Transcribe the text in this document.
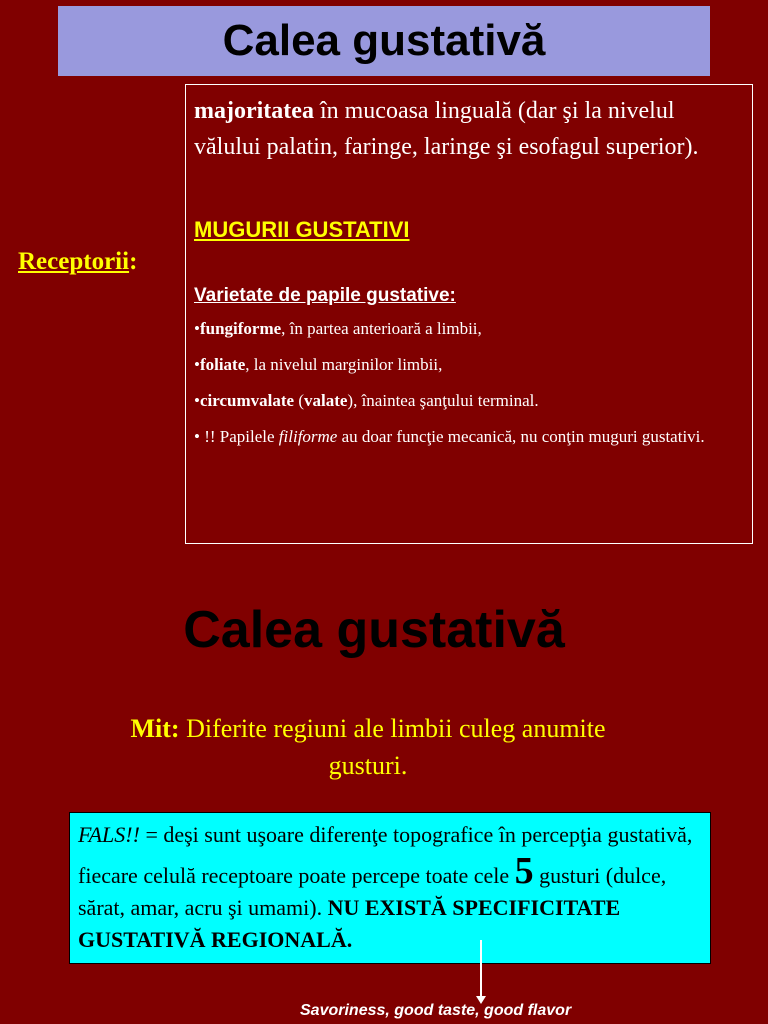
Calea gustativă
Receptorii:

majoritatea în mucoasa linguală (dar şi la nivelul vălului palatin, faringe, laringe şi esofagul superior).

MUGURII GUSTATIVI

Varietate de papile gustative:

•fungiforme, în partea anterioară a limbii,

•foliate, la nivelul marginilor limbii,

•circumvalate (valate), înaintea şanţului terminal.

• !! Papilele filiforme au doar funcţie mecanică, nu conţin muguri gustativi.

Calea gustativă
Mit: Diferite regiuni ale limbii culeg anumite gusturi.
FALS!! = deşi sunt uşoare diferenţe topografice în percepţia gustativă, fiecare celulă receptoare poate percepe toate cele 5 gusturi (dulce, sărat, amar, acru şi umami). NU EXISTĂ SPECIFICITATE GUSTATIVĂ REGIONALĂ.
Savoriness, good taste, good flavor
